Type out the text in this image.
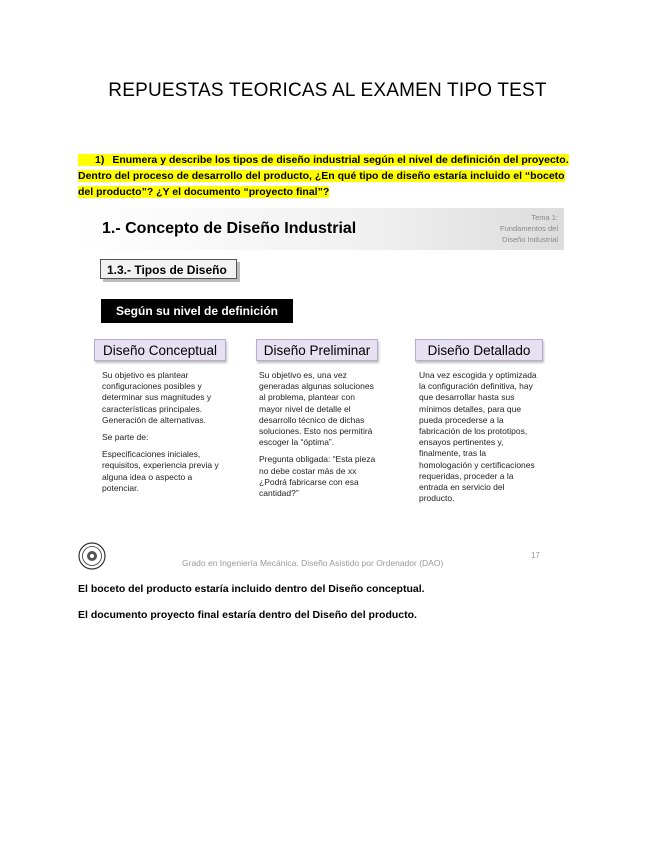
REPUESTAS TEORICAS AL EXAMEN TIPO TEST
1) Enumera y describe los tipos de diseño industrial según el nivel de definición del proyecto. Dentro del proceso de desarrollo del producto, ¿En qué tipo de diseño estaría incluido el “boceto del producto”? ¿Y el documento “proyecto final”?
1.- Concepto de Diseño Industrial
Tema 1:
Fundamentos del
Diseño Industrial
1.3.- Tipos de Diseño
Según su nivel de definición
Diseño Conceptual	Diseño Preliminar	Diseño Detallado

Su objetivo es plantear configuraciones posibles y determinar sus magnitudes y características principales. Generación de alternativas.

Se parte de:

Especificaciones iniciales, requisitos, experiencia previa y alguna idea o aspecto a potenciar.

Su objetivo es, una vez generadas algunas soluciones al problema, plantear con mayor nivel de detalle el desarrollo técnico de dichas soluciones. Esto nos permitirá escoger la “óptima”.

Pregunta obligada: “Esta pieza no debe costar más de xx ¿Podrá fabricarse con esa cantidad?”

Una vez escogida y optimizada la configuración definitiva, hay que desarrollar hasta sus mínimos detalles, para que pueda procederse a la fabricación de los prototipos, ensayos pertinentes y, finalmente, tras la homologación y certificaciones requeridas, proceder a la entrada en servicio del producto.

Grado en Ingeniería Mecánica. Diseño Asistido por Ordenador (DAO)
17
El boceto del producto estaría incluido dentro del Diseño conceptual.
El documento proyecto final estaría dentro del Diseño del producto.
